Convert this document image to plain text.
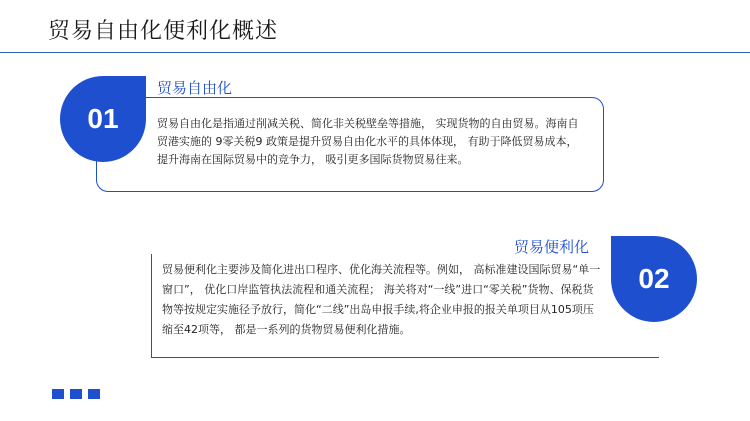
贸易自由化便利化概述
01
贸易自由化
贸易自由化是指通过削减关税、简化非关税壁垒等措施， 实现货物的自由贸易。海南自贸港实施的 9零关税9 政策是提升贸易自由化水平的具体体现， 有助于降低贸易成本， 提升海南在国际贸易中的竞争力， 吸引更多国际货物贸易往来。
贸易便利化
02
贸易便利化主要涉及简化进出口程序、优化海关流程等。例如， 高标准建设国际贸易“单一窗口”， 优化口岸监管执法流程和通关流程； 海关将对“一线”进口“零关税”货物、保税货物等按规定实施径予放行，简化“二线”出岛申报手续,将企业申报的报关单项目从105项压缩至42项等， 都是一系列的货物贸易便利化措施。
